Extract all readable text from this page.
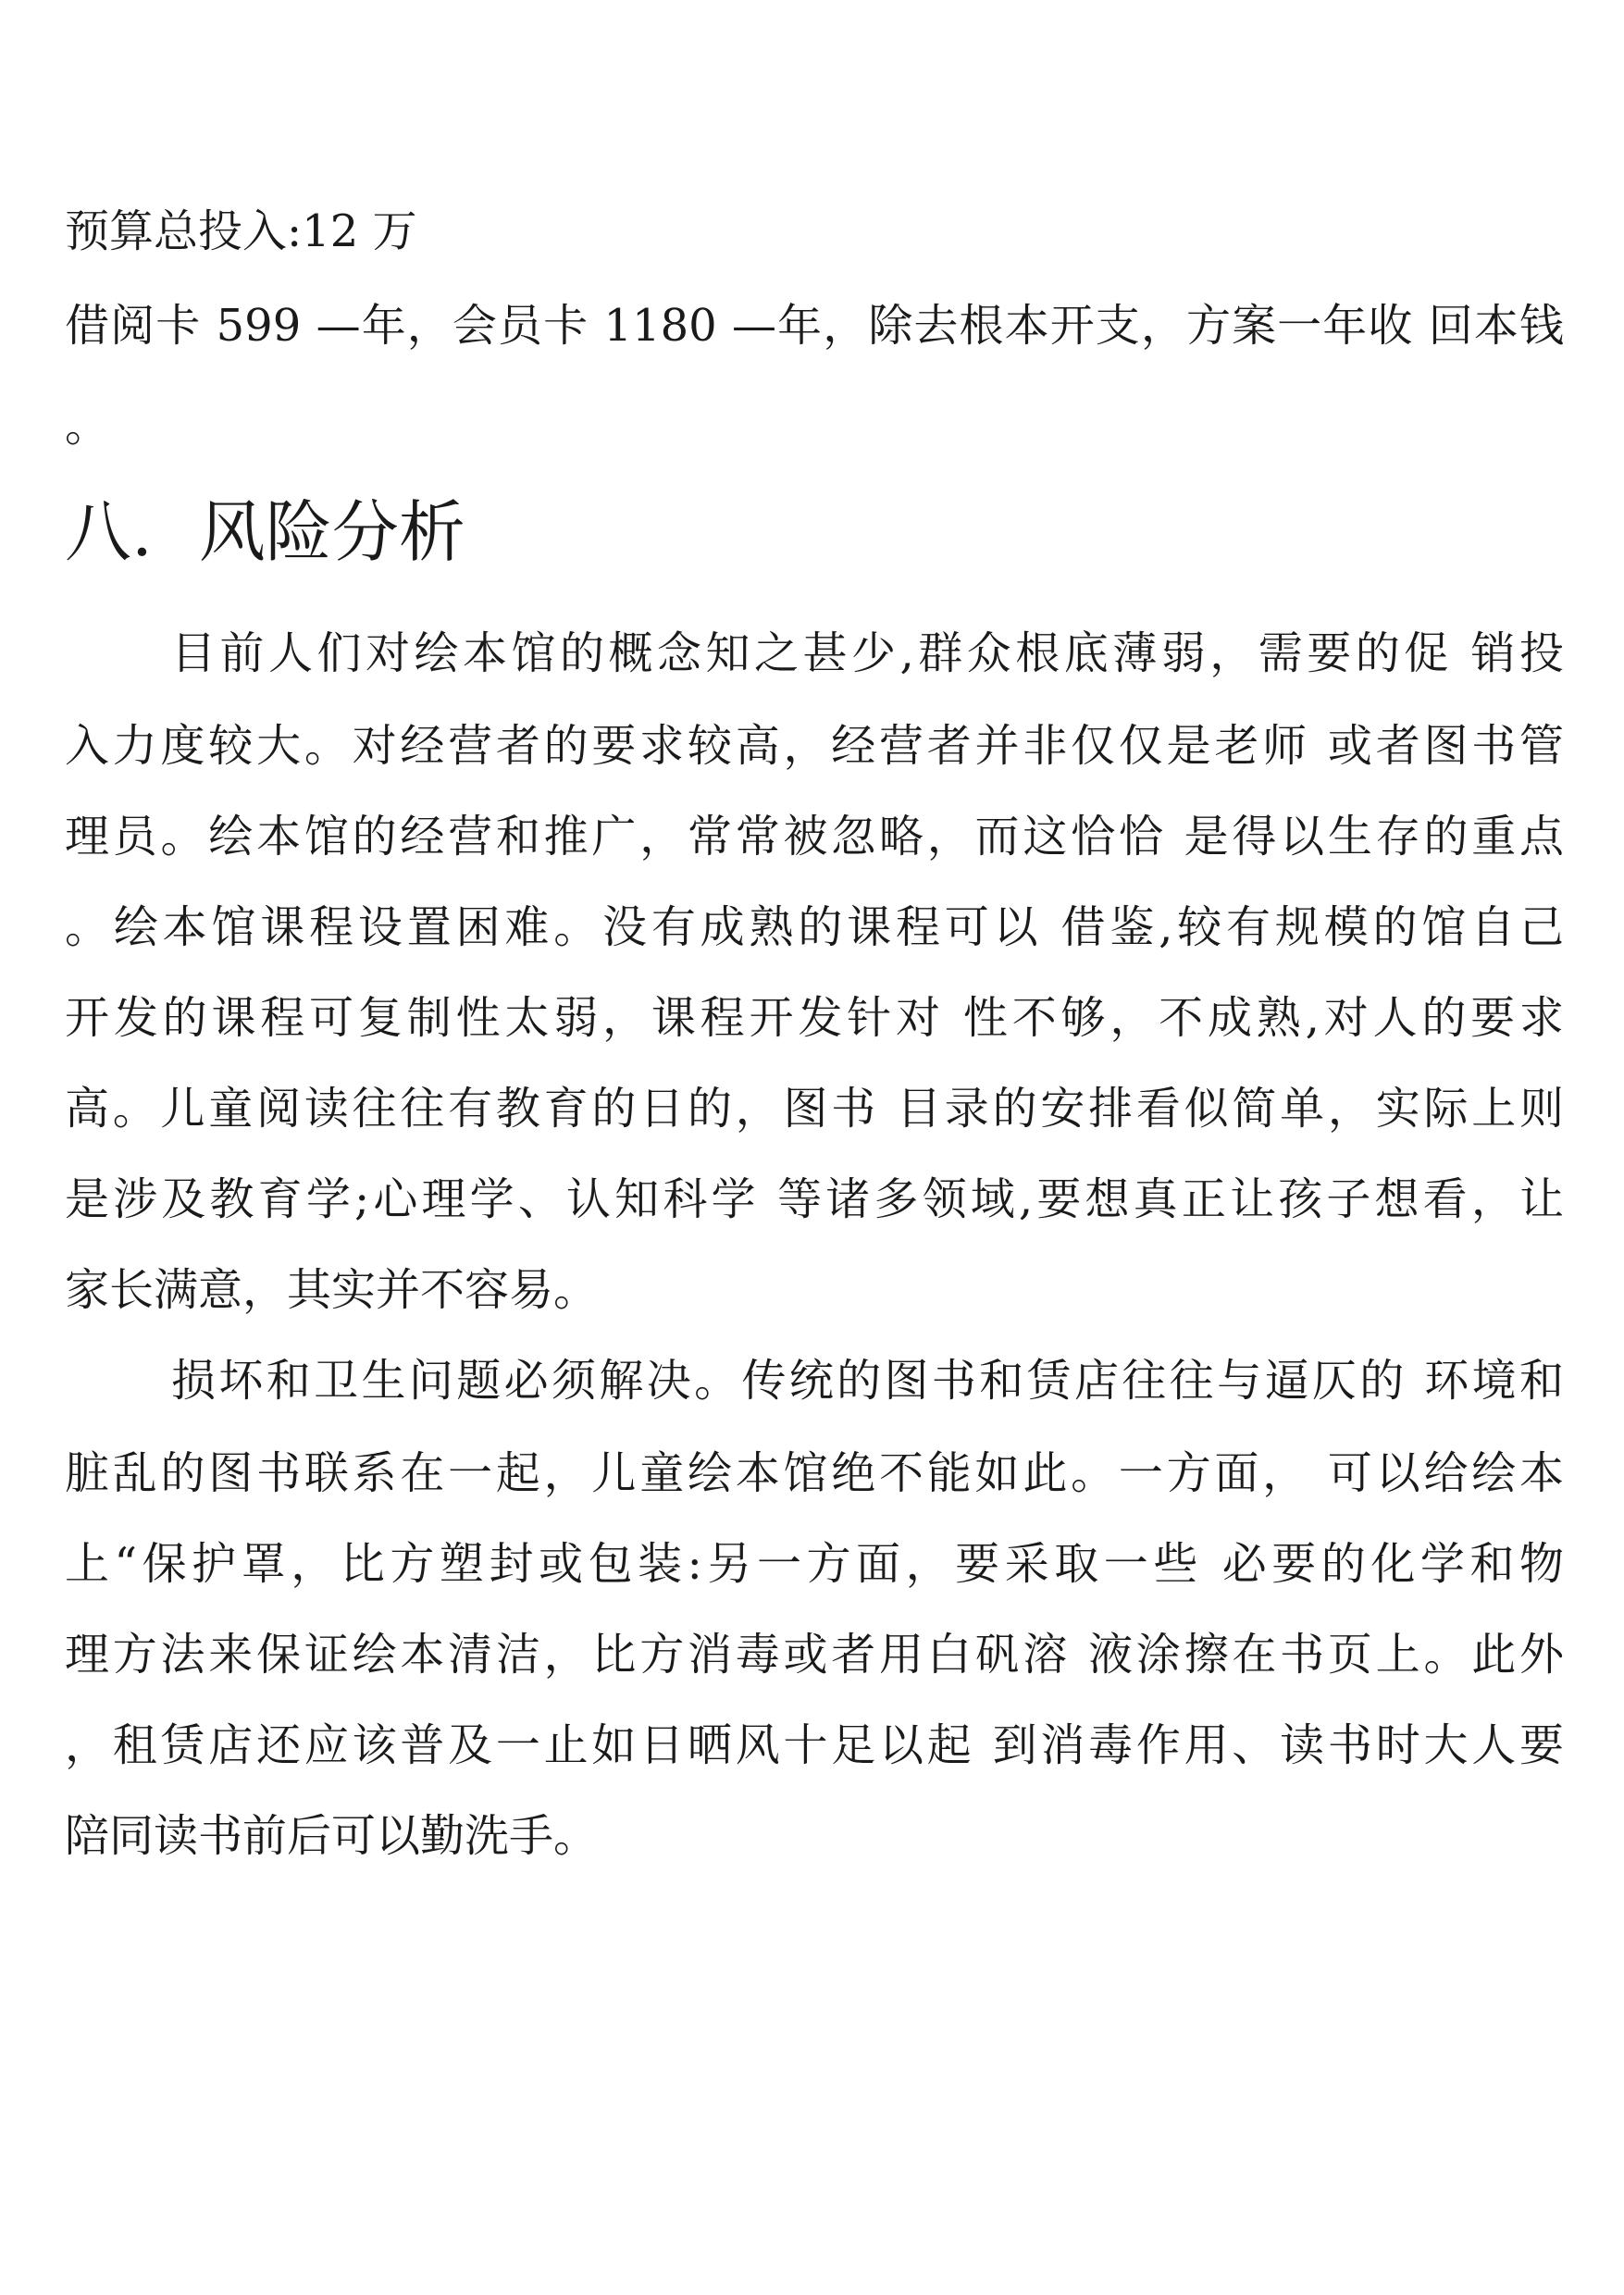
预算总投入:12 万
借阅卡 599 —年，会员卡 1180 —年，除去根本开支，方案一年收 回本钱
。
八. 风险分析
目前人们对绘本馆的概念知之甚少,群众根底薄弱，需要的促 销投
入力度较大。对经营者的要求较高，经营者并非仅仅是老师 或者图书管
理员。绘本馆的经营和推广，常常被忽略，而这恰恰 是得以生存的重点
。绘本馆课程设置困难。没有成熟的课程可以 借鉴,较有规模的馆自己
开发的课程可复制性太弱，课程开发针对 性不够，不成熟,对人的要求
高。儿童阅读往往有教育的日的，图书 目录的安排看似简单，实际上则
是涉及教育学;心理学、认知科学 等诸多领域,要想真正让孩子想看，让
家长满意，其实并不容易。
损坏和卫生问题必须解决。传统的图书和赁店往往与逼仄的 环境和
脏乱的图书联系在一起，儿童绘本馆绝不能如此。一方面， 可以给绘本
上“保护罩，比方塑封或包装:另一方面，要采取一些 必要的化学和物
理方法来保证绘本清洁，比方消毒或者用白矾溶 液涂擦在书页上。此外
，租赁店还应该普及一止如日晒风十足以起 到消毒作用、读书时大人要
陪同读书前后可以勤洗手。
